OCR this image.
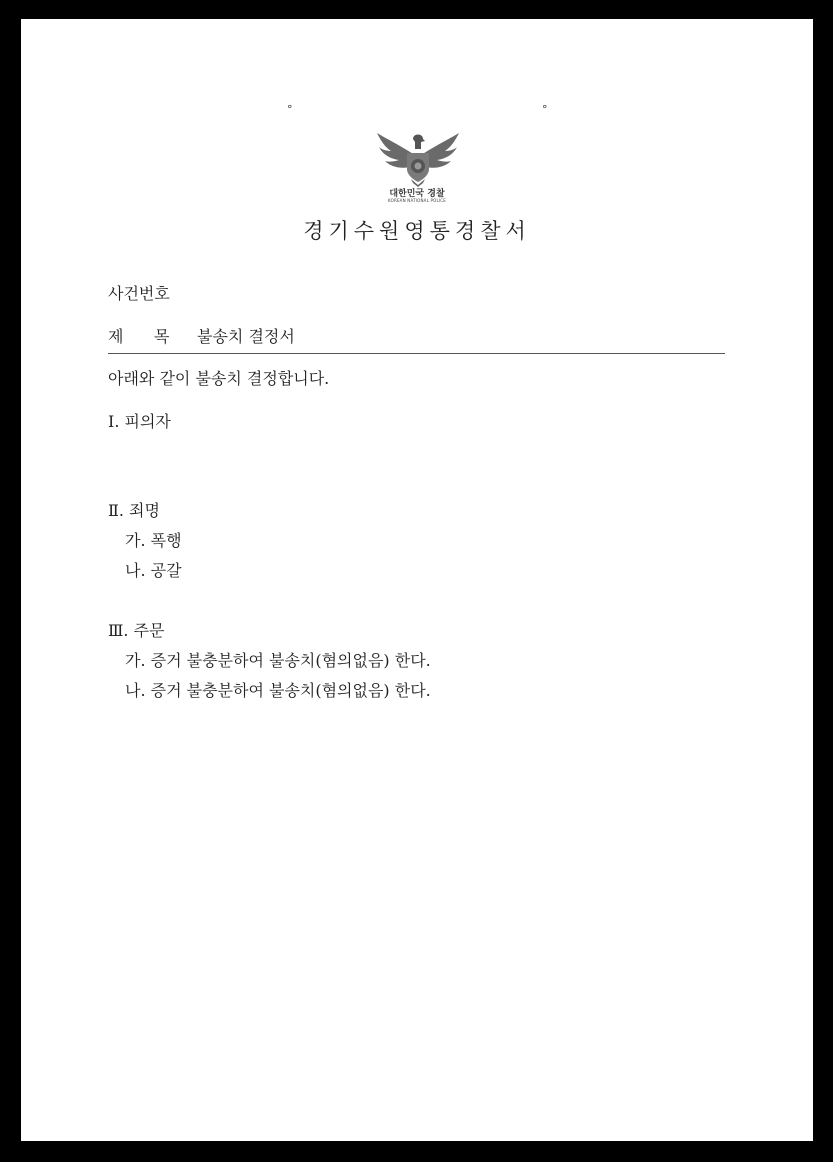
°	°
대한민국 경찰
KOREAN NATIONAL POLICE
경기수원영통경찰서
사건번호
제      목 불송치 결정서
아래와 같이 불송치 결정합니다.
Ⅰ. 피의자
Ⅱ. 죄명
가. 폭행
나. 공갈
Ⅲ. 주문
가. 증거 불충분하여 불송치(혐의없음) 한다.
나. 증거 불충분하여 불송치(혐의없음) 한다.
